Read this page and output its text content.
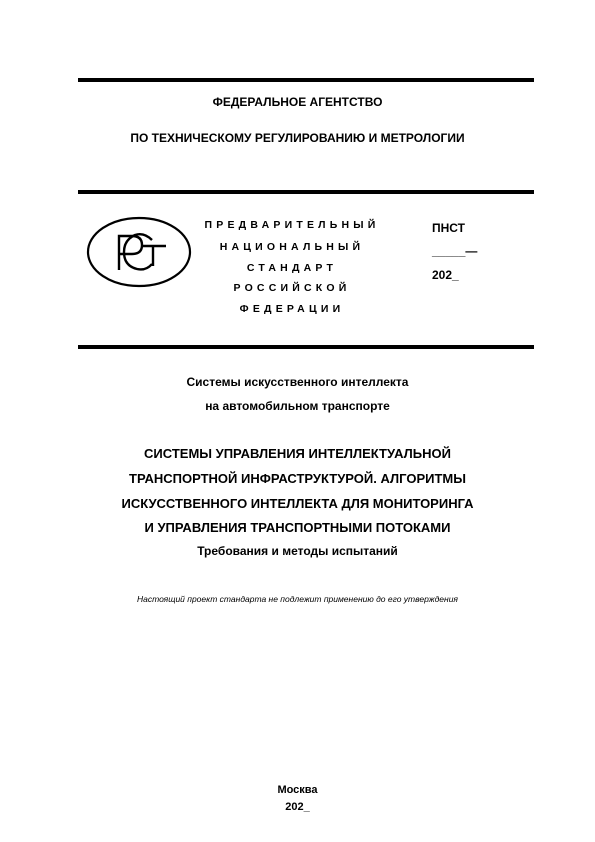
ФЕДЕРАЛЬНОЕ АГЕНТСТВО
ПО ТЕХНИЧЕСКОМУ РЕГУЛИРОВАНИЮ И МЕТРОЛОГИИ
ПРЕДВАРИТЕЛЬНЫЙ
НАЦИОНАЛЬНЫЙ
СТАНДАРТ
РОССИЙСКОЙ
ФЕДЕРАЦИИ
ПНСТ
_____—
202_
Системы искусственного интеллекта
на автомобильном транспорте
СИСТЕМЫ УПРАВЛЕНИЯ ИНТЕЛЛЕКТУАЛЬНОЙ
ТРАНСПОРТНОЙ ИНФРАСТРУКТУРОЙ. АЛГОРИТМЫ
ИСКУССТВЕННОГО ИНТЕЛЛЕКТА ДЛЯ МОНИТОРИНГА
И УПРАВЛЕНИЯ ТРАНСПОРТНЫМИ ПОТОКАМИ
Требования и методы испытаний
Настоящий проект стандарта не подлежит применению до его утверждения
Москва
202_
